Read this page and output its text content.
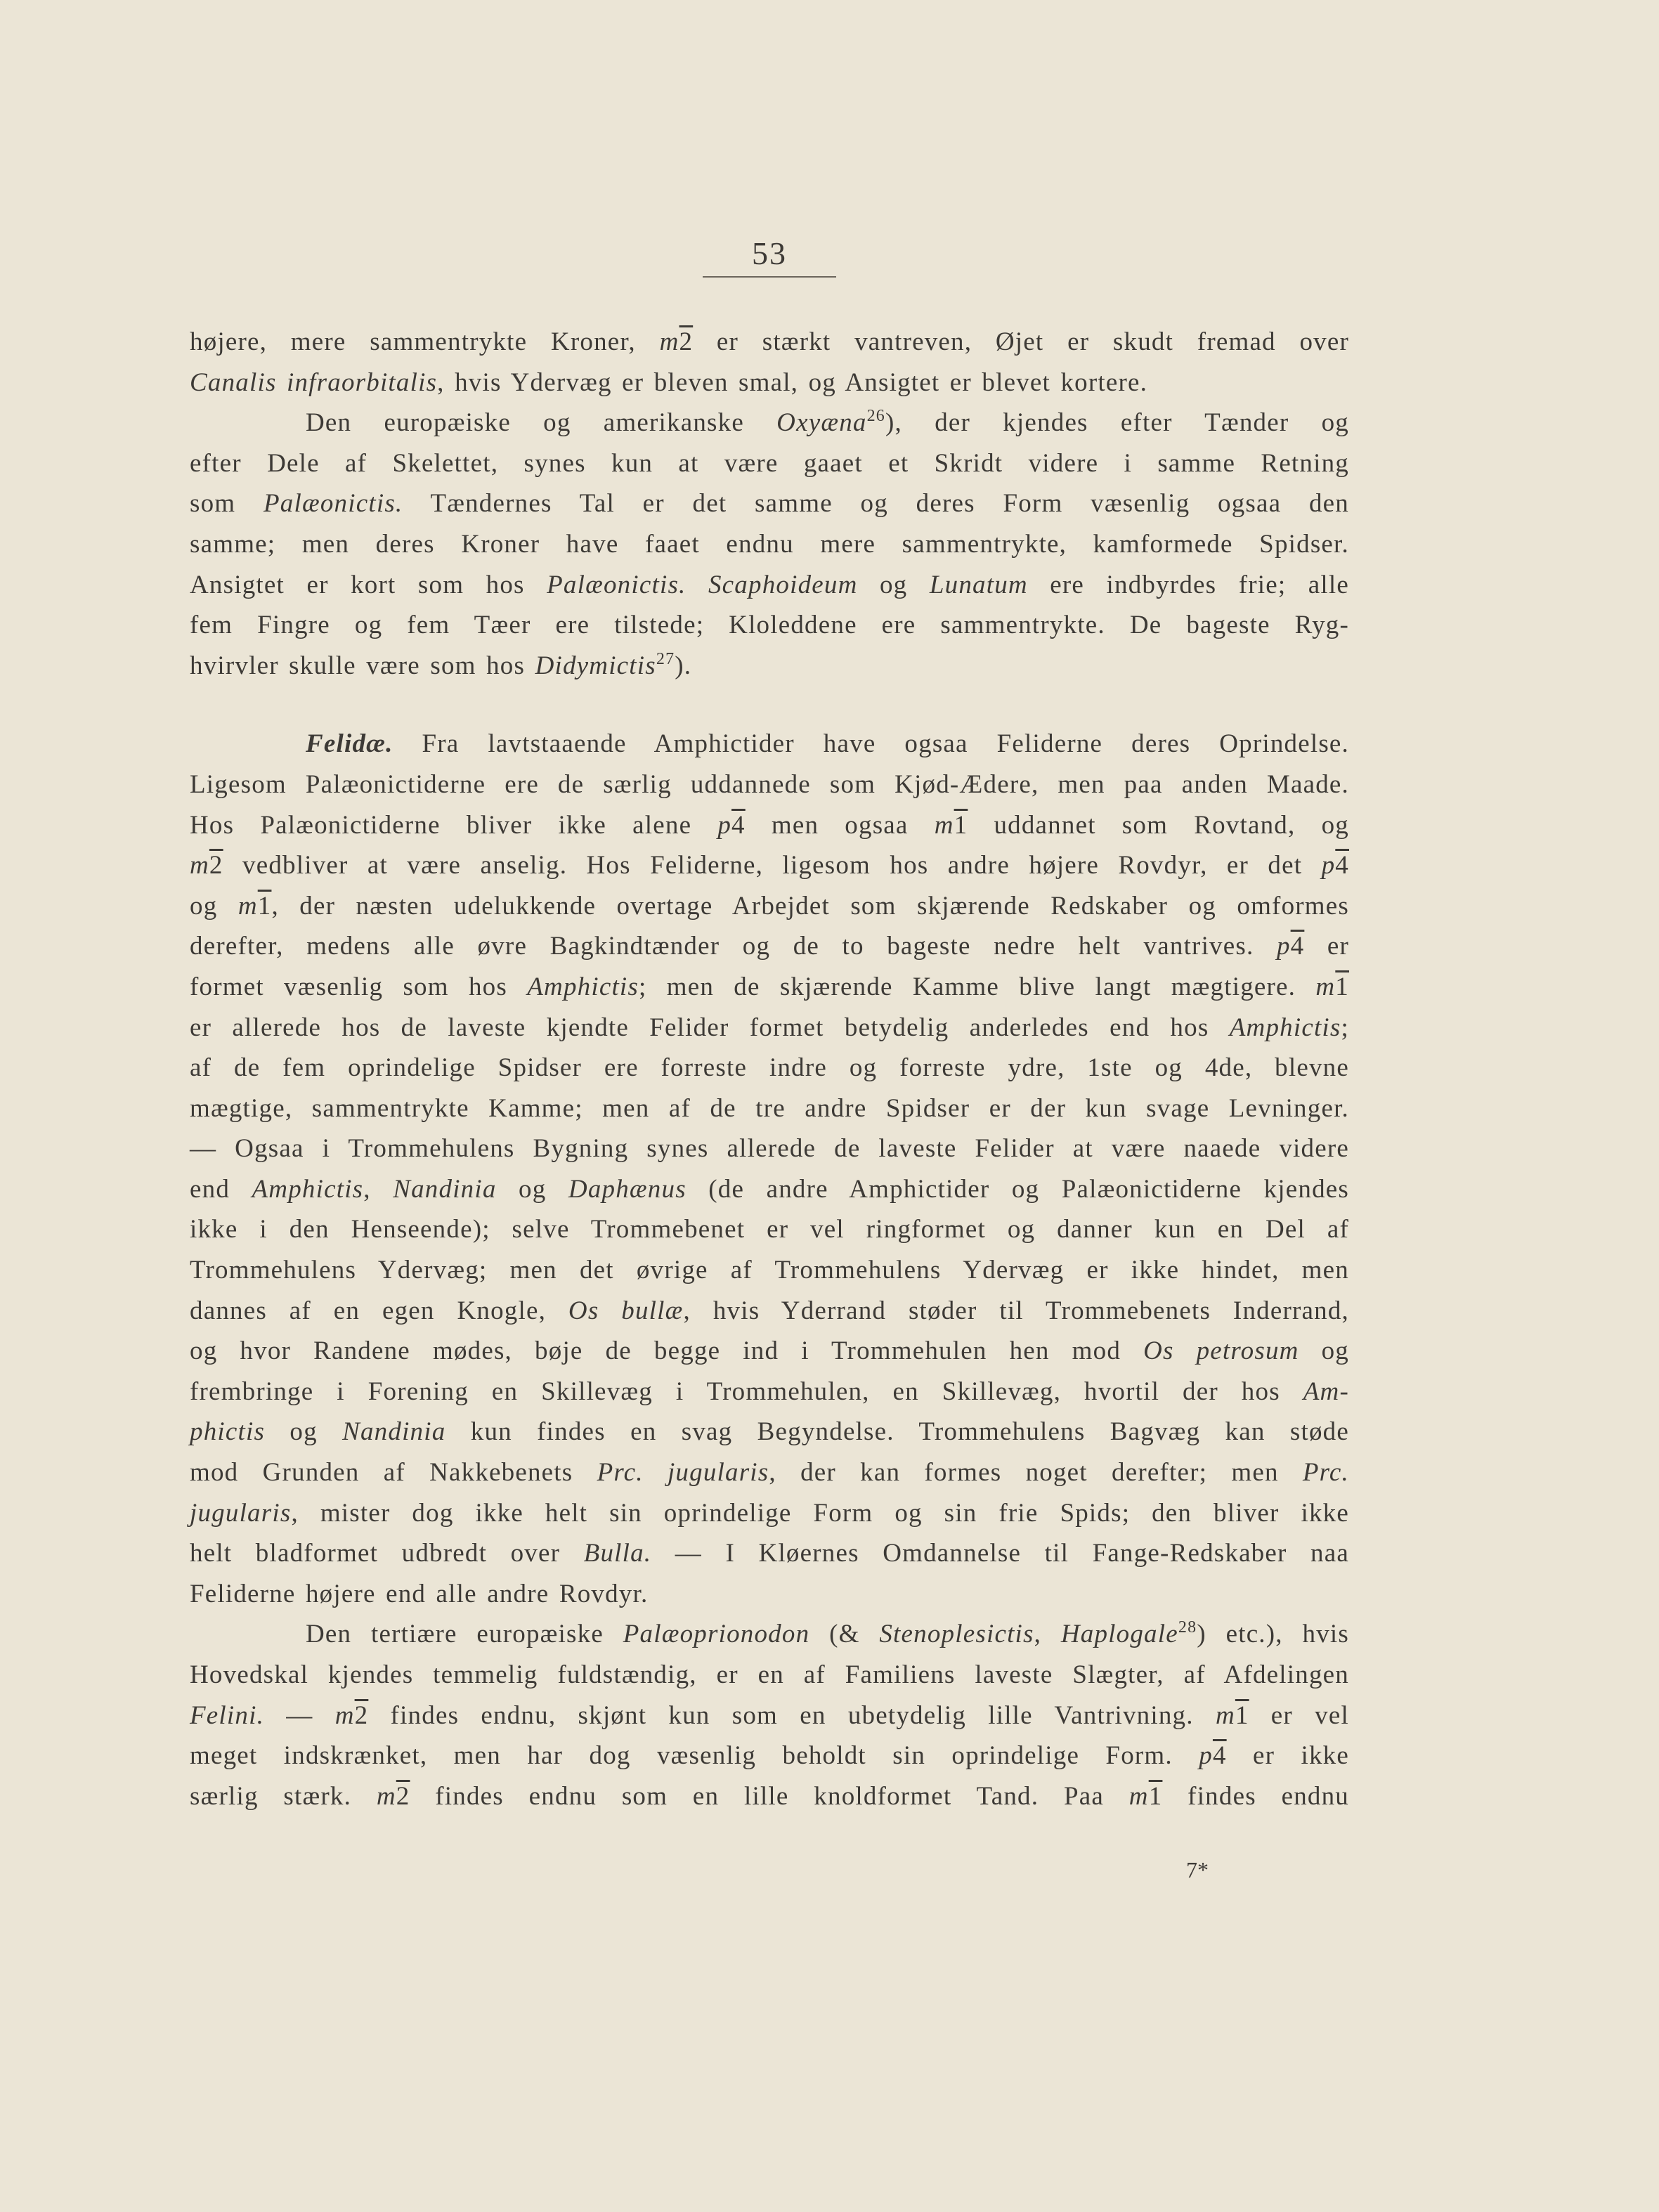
53
højere, mere sammentrykte Kroner, m2 er stærkt vantreven, Øjet er skudt fremad over
Canalis infraorbitalis, hvis Ydervæg er bleven smal, og Ansigtet er blevet kortere.
Den europæiske og amerikanske Oxyæna$^{26}$), der kjendes efter Tænder og
efter Dele af Skelettet, synes kun at være gaaet et Skridt videre i samme Retning
som Palæonictis. Tændernes Tal er det samme og deres Form væsenlig ogsaa den
samme; men deres Kroner have faaet endnu mere sammentrykte, kamformede Spidser.
Ansigtet er kort som hos Palæonictis. Scaphoideum og Lunatum ere indbyrdes frie; alle
fem Fingre og fem Tæer ere tilstede; Kloleddene ere sammentrykte. De bageste Ryg-
hvirvler skulle være som hos Didymictis$^{27}$).
Felidæ. Fra lavtstaaende Amphictider have ogsaa Feliderne deres Oprindelse.
Ligesom Palæonictiderne ere de særlig uddannede som Kjød-Ædere, men paa anden Maade.
Hos Palæonictiderne bliver ikke alene p4 men ogsaa m1 uddannet som Rovtand, og
m2 vedbliver at være anselig. Hos Feliderne, ligesom hos andre højere Rovdyr, er det p4
og m1, der næsten udelukkende overtage Arbejdet som skjærende Redskaber og omformes
derefter, medens alle øvre Bagkindtænder og de to bageste nedre helt vantrives. p4 er
formet væsenlig som hos Amphictis; men de skjærende Kamme blive langt mægtigere. m1
er allerede hos de laveste kjendte Felider formet betydelig anderledes end hos Amphictis;
af de fem oprindelige Spidser ere forreste indre og forreste ydre, 1ste og 4de, blevne
mægtige, sammentrykte Kamme; men af de tre andre Spidser er der kun svage Levninger.
— Ogsaa i Trommehulens Bygning synes allerede de laveste Felider at være naaede videre
end Amphictis, Nandinia og Daphænus (de andre Amphictider og Palæonictiderne kjendes
ikke i den Henseende); selve Trommebenet er vel ringformet og danner kun en Del af
Trommehulens Ydervæg; men det øvrige af Trommehulens Ydervæg er ikke hindet, men
dannes af en egen Knogle, Os bullæ, hvis Yderrand støder til Trommebenets Inderrand,
og hvor Randene mødes, bøje de begge ind i Trommehulen hen mod Os petrosum og
frembringe i Forening en Skillevæg i Trommehulen, en Skillevæg, hvortil der hos Am-
phictis og Nandinia kun findes en svag Begyndelse. Trommehulens Bagvæg kan støde
mod Grunden af Nakkebenets Prc. jugularis, der kan formes noget derefter; men Prc.
jugularis, mister dog ikke helt sin oprindelige Form og sin frie Spids; den bliver ikke
helt bladformet udbredt over Bulla. — I Kløernes Omdannelse til Fange-Redskaber naa
Feliderne højere end alle andre Rovdyr.
Den tertiære europæiske Palæoprionodon (& Stenoplesictis, Haplogale$^{28}$) etc.), hvis
Hovedskal kjendes temmelig fuldstændig, er en af Familiens laveste Slægter, af Afdelingen
Felini. — m2 findes endnu, skjønt kun som en ubetydelig lille Vantrivning. m1 er vel
meget indskrænket, men har dog væsenlig beholdt sin oprindelige Form. p4 er ikke
særlig stærk. m2 findes endnu som en lille knoldformet Tand. Paa m1 findes endnu
7*
